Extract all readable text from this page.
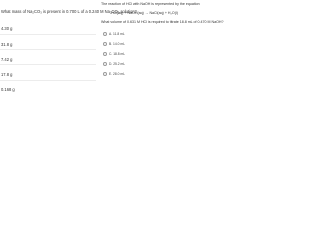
What mass of Na₂CO₃ is present in 0.700 L of a 0.240 M Na₂CO₃ solution?
4.30 g
31.8 g
7.42 g
17.8 g
0.168 g
The reaction of HCl with NaOH is represented by the equation
HCl(aq) + NaOH(aq) → NaCl(aq) + H₂O(l)
What volume of 0.631 M HCl is required to titrate 18.8 mL of 0.470 M NaOH?
A. 11.8 mL
B. 14.0 mL
C. 18.8 mL
D. 25.2 mL
E. 28.0 mL
